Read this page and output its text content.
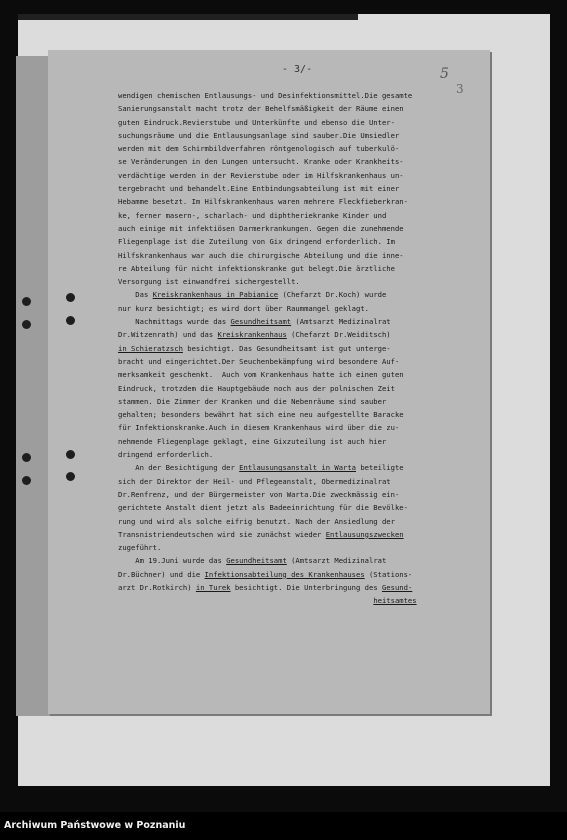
- 3/-	5
3
wendigen chemischen Entlausungs- und Desinfektionsmittel.Die gesamte
Sanierungsanstalt macht trotz der Behelfsmäßigkeit der Räume einen
guten Eindruck.Revierstube und Unterkünfte und ebenso die Unter-
suchungsräume und die Entlausungsanlage sind sauber.Die Umsiedler
werden mit dem Schirmbildverfahren röntgenologisch auf tuberkulö-
se Veränderungen in den Lungen untersucht. Kranke oder Krankheits-
verdächtige werden in der Revierstube oder im Hilfskrankenhaus un-
tergebracht und behandelt.Eine Entbindungsabteilung ist mit einer
Hebamme besetzt. Im Hilfskrankenhaus waren mehrere Fleckfieberkran-
ke, ferner masern-, scharlach- und diphtheriekranke Kinder und
auch einige mit infektiösen Darmerkrankungen. Gegen die zunehmende
Fliegenplage ist die Zuteilung von Gix dringend erforderlich. Im
Hilfskrankenhaus war auch die chirurgische Abteilung und die inne-
re Abteilung für nicht infektionskranke gut belegt.Die ärztliche
Versorgung ist einwandfrei sichergestellt.
Das Kreiskrankenhaus in Pabianice (Chefarzt Dr.Koch) wurde
nur kurz besichtigt; es wird dort über Raummangel geklagt.
Nachmittags wurde das Gesundheitsamt (Amtsarzt Medizinalrat
Dr.Witzenrath) und das Kreiskrankenhaus (Chefarzt Dr.Weiditsch)
in Schieratzsch besichtigt. Das Gesundheitsamt ist gut unterge-
bracht und eingerichtet.Der Seuchenbekämpfung wird besondere Auf-
merksamkeit geschenkt.  Auch vom Krankenhaus hatte ich einen guten
Eindruck, trotzdem die Hauptgebäude noch aus der polnischen Zeit
stammen. Die Zimmer der Kranken und die Nebenräume sind sauber
gehalten; besonders bewährt hat sich eine neu aufgestellte Baracke
für Infektionskranke.Auch in diesem Krankenhaus wird über die zu-
nehmende Fliegenplage geklagt, eine Gixzuteilung ist auch hier
dringend erforderlich.
An der Besichtigung der Entlausungsanstalt in Warta beteiligte
sich der Direktor der Heil- und Pflegeanstalt, Obermedizinalrat
Dr.Renfrenz, und der Bürgermeister von Warta.Die zweckmässig ein-
gerichtete Anstalt dient jetzt als Badeeinrichtung für die Bevölke-
rung und wird als solche eifrig benutzt. Nach der Ansiedlung der
Transnistriendeutschen wird sie zunächst wieder Entlausungszwecken
zugeführt.
Am 19.Juni wurde das Gesundheitsamt (Amtsarzt Medizinalrat
Dr.Büchner) und die Infektionsabteilung des Krankenhauses (Stations-
arzt Dr.Rotkirch) in Turek besichtigt. Die Unterbringung des Gesund-
heitsamtes
Archiwum Państwowe w Poznaniu
